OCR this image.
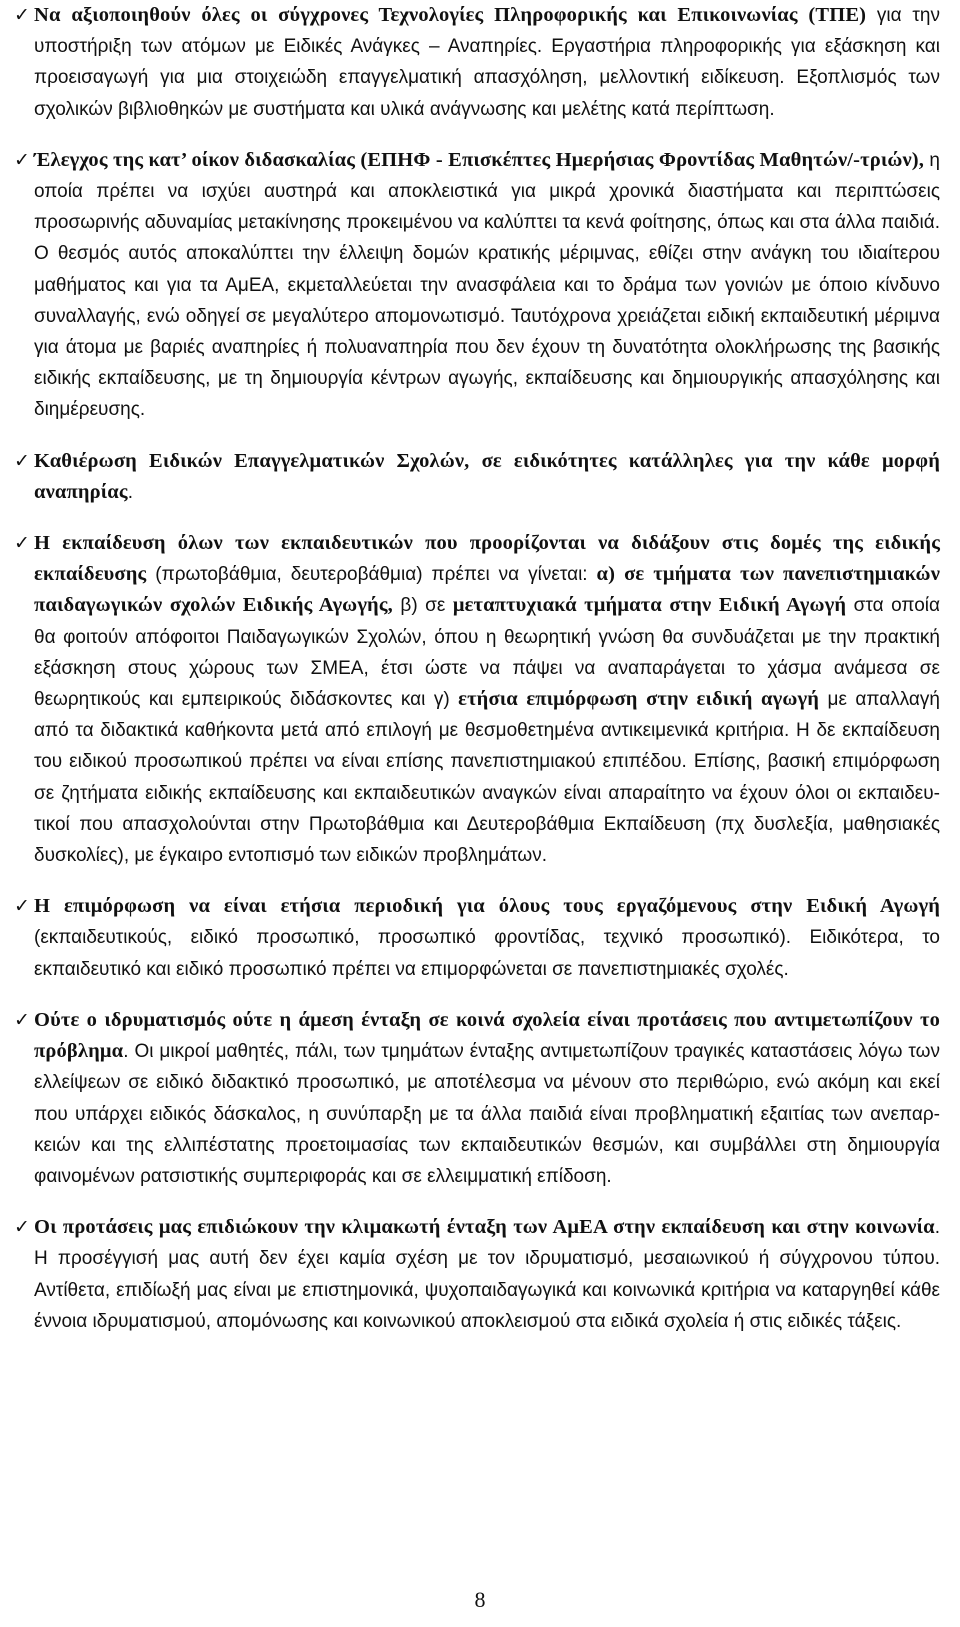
✓ Να αξιοποιηθούν όλες οι σύγχρονες Τεχνολογίες Πληροφορικής και Επικοινωνίας (ΤΠΕ) για την υποστήριξη των ατόμων με Ειδικές Ανάγκες – Αναπηρίες. Εργαστήρια πληροφορικής για εξάσκηση και προεισαγωγή για μια στοιχειώδη επαγγελματική απασχόληση, μελλοντική ειδίκευση. Εξοπλισμός των σχολικών βιβλιοθηκών με συστήματα και υλικά ανάγνωσης και μελέτης κατά περίπτωση.
✓ Έλεγχος της κατ’ οίκον διδασκαλίας (ΕΠΗΦ - Επισκέπτες Ημερήσιας Φροντίδας Μαθητών/-τριών), η οποία πρέπει να ισχύει αυστηρά και αποκλειστικά για μικρά χρονικά διαστήματα και περιπτώσεις προσωρινής αδυναμίας μετακίνησης προκειμένου να καλύπτει τα κενά φοίτησης, όπως και στα άλλα παιδιά. Ο θεσμός αυτός αποκαλύπτει την έλλειψη δομών κρατικής μέριμνας, εθίζει στην ανάγκη του ιδιαίτερου μαθήματος και για τα ΑμΕΑ, εκμεταλλεύεται την ανασφάλεια και το δράμα των γονιών με όποιο κίνδυνο συναλλαγής, ενώ οδηγεί σε μεγαλύτερο απομονωτισμό. Ταυτόχρονα χρειάζεται ειδική εκπαιδευτική μέριμνα για άτομα με βαριές αναπηρίες ή πολυαναπηρία που δεν έχουν τη δυνατότητα ολοκλήρωσης της βασικής ειδικής εκπαίδευσης, με τη δημιουργία κέντρων αγωγής, εκπαίδευσης και δημιουργικής απασχόλησης και διημέρευσης.
✓ Καθιέρωση Ειδικών Επαγγελματικών Σχολών, σε ειδικότητες κατάλληλες για την κάθε μορφή αναπηρίας.
✓ Η εκπαίδευση όλων των εκπαιδευτικών που προορίζονται να διδάξουν στις δομές της ειδικής εκπαίδευσης (πρωτοβάθμια, δευτεροβάθμια) πρέπει να γίνεται: α) σε τμήματα των πανεπιστημιακών παιδαγωγικών σχολών Ειδικής Αγωγής, β) σε μεταπτυχιακά τμήματα στην Ειδική Αγωγή στα οποία θα φοιτούν απόφοιτοι Παιδαγωγικών Σχολών, όπου η θεωρητική γνώση θα συνδυάζεται με την πρακτική εξάσκηση στους χώρους των ΣΜΕΑ, έτσι ώστε να πάψει να αναπαράγεται το χάσμα ανάμεσα σε θεωρητικούς και εμπειρικούς διδάσκοντες και γ) ετήσια επιμόρφωση στην ειδική αγωγή με απαλλαγή από τα διδακτικά καθήκοντα μετά από επιλογή με θεσμοθετημένα αντικειμενικά κριτήρια. Η δε εκπαίδευση του ειδικού προσωπικού πρέπει να είναι επίσης πανεπιστημιακού επιπέδου. Επίσης, βασική επιμόρφωση σε ζητήματα ειδικής εκπαίδευσης και εκπαιδευτικών αναγκών είναι απαραίτητο να έχουν όλοι οι εκπαιδευτικοί που απασχολούνται στην Πρωτοβάθμια και Δευτεροβάθμια Εκπαίδευση (πχ δυσλεξία, μαθησιακές δυσκολίες), με έγκαιρο εντοπισμό των ειδικών προβλημάτων.
✓ Η επιμόρφωση να είναι ετήσια περιοδική για όλους τους εργαζόμενους στην Ειδική Αγωγή (εκπαιδευτικούς, ειδικό προσωπικό, προσωπικό φροντίδας, τεχνικό προσωπικό). Ειδικότερα, το εκπαιδευτικό και ειδικό προσωπικό πρέπει να επιμορφώνεται σε πανεπιστημιακές σχολές.
✓ Ούτε ο ιδρυματισμός ούτε η άμεση ένταξη σε κοινά σχολεία είναι προτάσεις που αντιμετωπίζουν το πρόβλημα. Οι μικροί μαθητές, πάλι, των τμημάτων ένταξης αντιμετωπίζουν τραγικές καταστάσεις λόγω των ελλείψεων σε ειδικό διδακτικό προσωπικό, με αποτέλεσμα να μένουν στο περιθώριο, ενώ ακόμη και εκεί που υπάρχει ειδικός δάσκαλος, η συνύπαρξη με τα άλλα παιδιά είναι προβληματική εξαιτίας των ανεπαρκειών και της ελλιπέστατης προετοιμασίας των εκπαιδευτικών θεσμών, και συμβάλλει στη δημιουργία φαινομένων ρατσιστικής συμπεριφοράς και σε ελλειμματική επίδοση.
✓ Οι προτάσεις μας επιδιώκουν την κλιμακωτή ένταξη των ΑμΕΑ στην εκπαίδευση και στην κοινωνία. Η προσέγγισή μας αυτή δεν έχει καμία σχέση με τον ιδρυματισμό, μεσαιωνικού ή σύγχρονου τύπου. Αντίθετα, επιδίωξή μας είναι με επιστημονικά, ψυχοπαιδαγωγικά και κοινωνικά κριτήρια να καταργηθεί κάθε έννοια ιδρυματισμού, απομόνωσης και κοινωνικού αποκλεισμού στα ειδικά σχολεία ή στις ειδικές τάξεις.
8
